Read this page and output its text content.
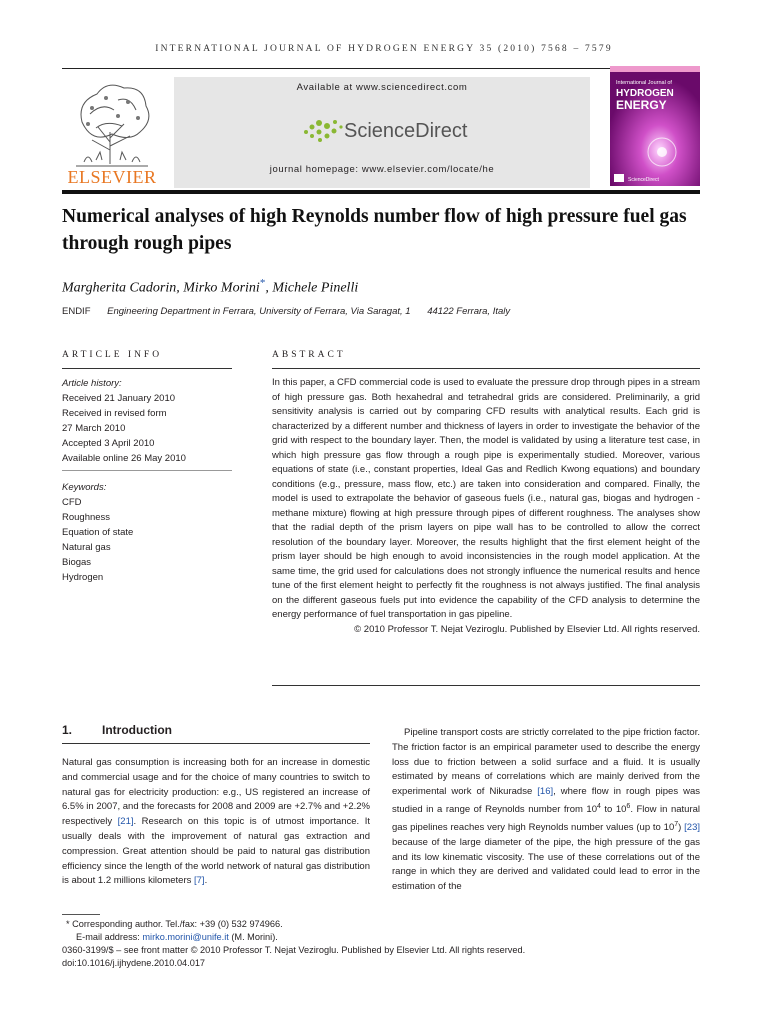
INTERNATIONAL JOURNAL OF HYDROGEN ENERGY 35 (2010) 7568 – 7579
ELSEVIER
Available at www.sciencedirect.com
ScienceDirect
journal homepage: www.elsevier.com/locate/he
International Journal of
HYDROGEN
ENERGY
ScienceDirect
Numerical analyses of high Reynolds number flow of high pressure fuel gas through rough pipes
Margherita Cadorin, Mirko Morini*, Michele Pinelli
ENDIF Engineering Department in Ferrara, University of Ferrara, Via Saragat, 1 44122 Ferrara, Italy
ARTICLE INFO
Article history:
Received 21 January 2010
Received in revised form
27 March 2010
Accepted 3 April 2010
Available online 26 May 2010
Keywords:
CFD
Roughness
Equation of state
Natural gas
Biogas
Hydrogen
ABSTRACT
In this paper, a CFD commercial code is used to evaluate the pressure drop through pipes in a stream of high pressure gas. Both hexahedral and tetrahedral grids are considered. Preliminarily, a grid sensitivity analysis is carried out by comparing CFD results with analytical results. Each grid is characterized by a different number and thickness of layers in order to investigate the behavior of the grid with respect to the boundary layer. Then, the model is validated by using a literature test case, in which high pressure gas flow through a rough pipe is experimentally studied. Moreover, various equations of state (i.e., constant properties, Ideal Gas and Redlich Kwong equations) and boundary conditions (e.g., pressure, mass flow, etc.) are taken into consideration and compared. Finally, the model is used to extrapolate the behavior of gaseous fuels (i.e., natural gas, biogas and hydrogen - methane mixture) flowing at high pressure through pipes of different roughness. The analyses show that the radial depth of the prism layers on pipe wall has to be controlled to allow the correct resolution of the boundary layer. Moreover, the results highlight that the first element height of the prism layer should be high enough to avoid inconsistencies in the rough model application. At the same time, the grid used for calculations does not strongly influence the numerical results and hence tune of the first element height to perfectly fit the roughness is not always justified. The final analysis on the different gaseous fuels put into evidence the capability of the CFD analysis to determine the energy performance of fuel transportation in gas pipeline.
© 2010 Professor T. Nejat Veziroglu. Published by Elsevier Ltd. All rights reserved.
1. Introduction
Natural gas consumption is increasing both for an increase in domestic and commercial usage and for the choice of many countries to switch to natural gas for electricity production: e.g., US registered an increase of 6.5% in 2007, and the forecasts for 2008 and 2009 are +2.7% and +2.2% respectively [21]. Research on this topic is of utmost importance. It usually deals with the improvement of natural gas extraction and compression. Great attention should be paid to natural gas distribution efficiency since the length of the world network of natural gas distribution is about 1.2 millions kilometers [7].
Pipeline transport costs are strictly correlated to the pipe friction factor. The friction factor is an empirical parameter used to describe the energy loss due to friction between a solid surface and a fluid. It is usually estimated by means of correlations which are mainly derived from the experimental work of Nikuradse [16], where flow in rough pipes was studied in a range of Reynolds number from $10^4$ to $10^6$. Flow in natural gas pipelines reaches very high Reynolds number values (up to $10^7$) [23] because of the large diameter of the pipe, the high pressure of the gas and its low kinematic viscosity. The use of these correlations out of the range in which they are derived and validated could lead to error in the estimation of the
* Corresponding author. Tel./fax: +39 (0) 532 974966.
E-mail address: mirko.morini@unife.it (M. Morini).
0360-3199/$ – see front matter © 2010 Professor T. Nejat Veziroglu. Published by Elsevier Ltd. All rights reserved.
doi:10.1016/j.ijhydene.2010.04.017
